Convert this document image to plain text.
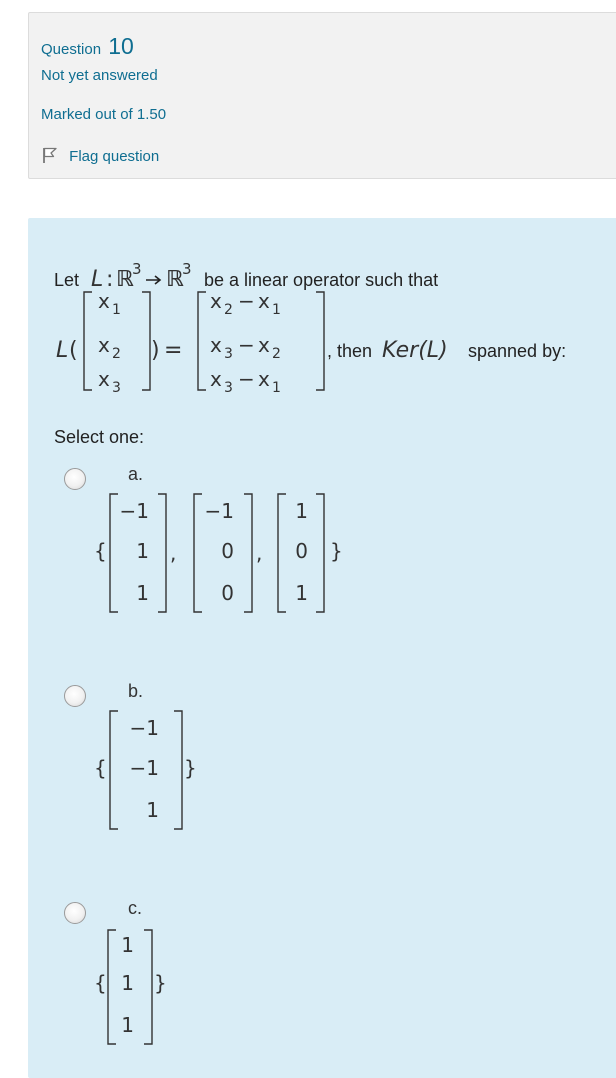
Question 10
Not yet answered
Marked out of 1.50
Flag question
Let L : ℝ
3 ℝ
3
be a linear operator such that
L (
x 1
x 2
x 3
) =
x 2 − x 1
x 3 − x 2
x 3 − x 1
, then Ker(L) spanned by:
Select one:
a.
{
−1
1
1
,
−1
0
0
,
1
0
1
}
b.
{
−1
−1
1
}
c.
{
1
1
1
}
